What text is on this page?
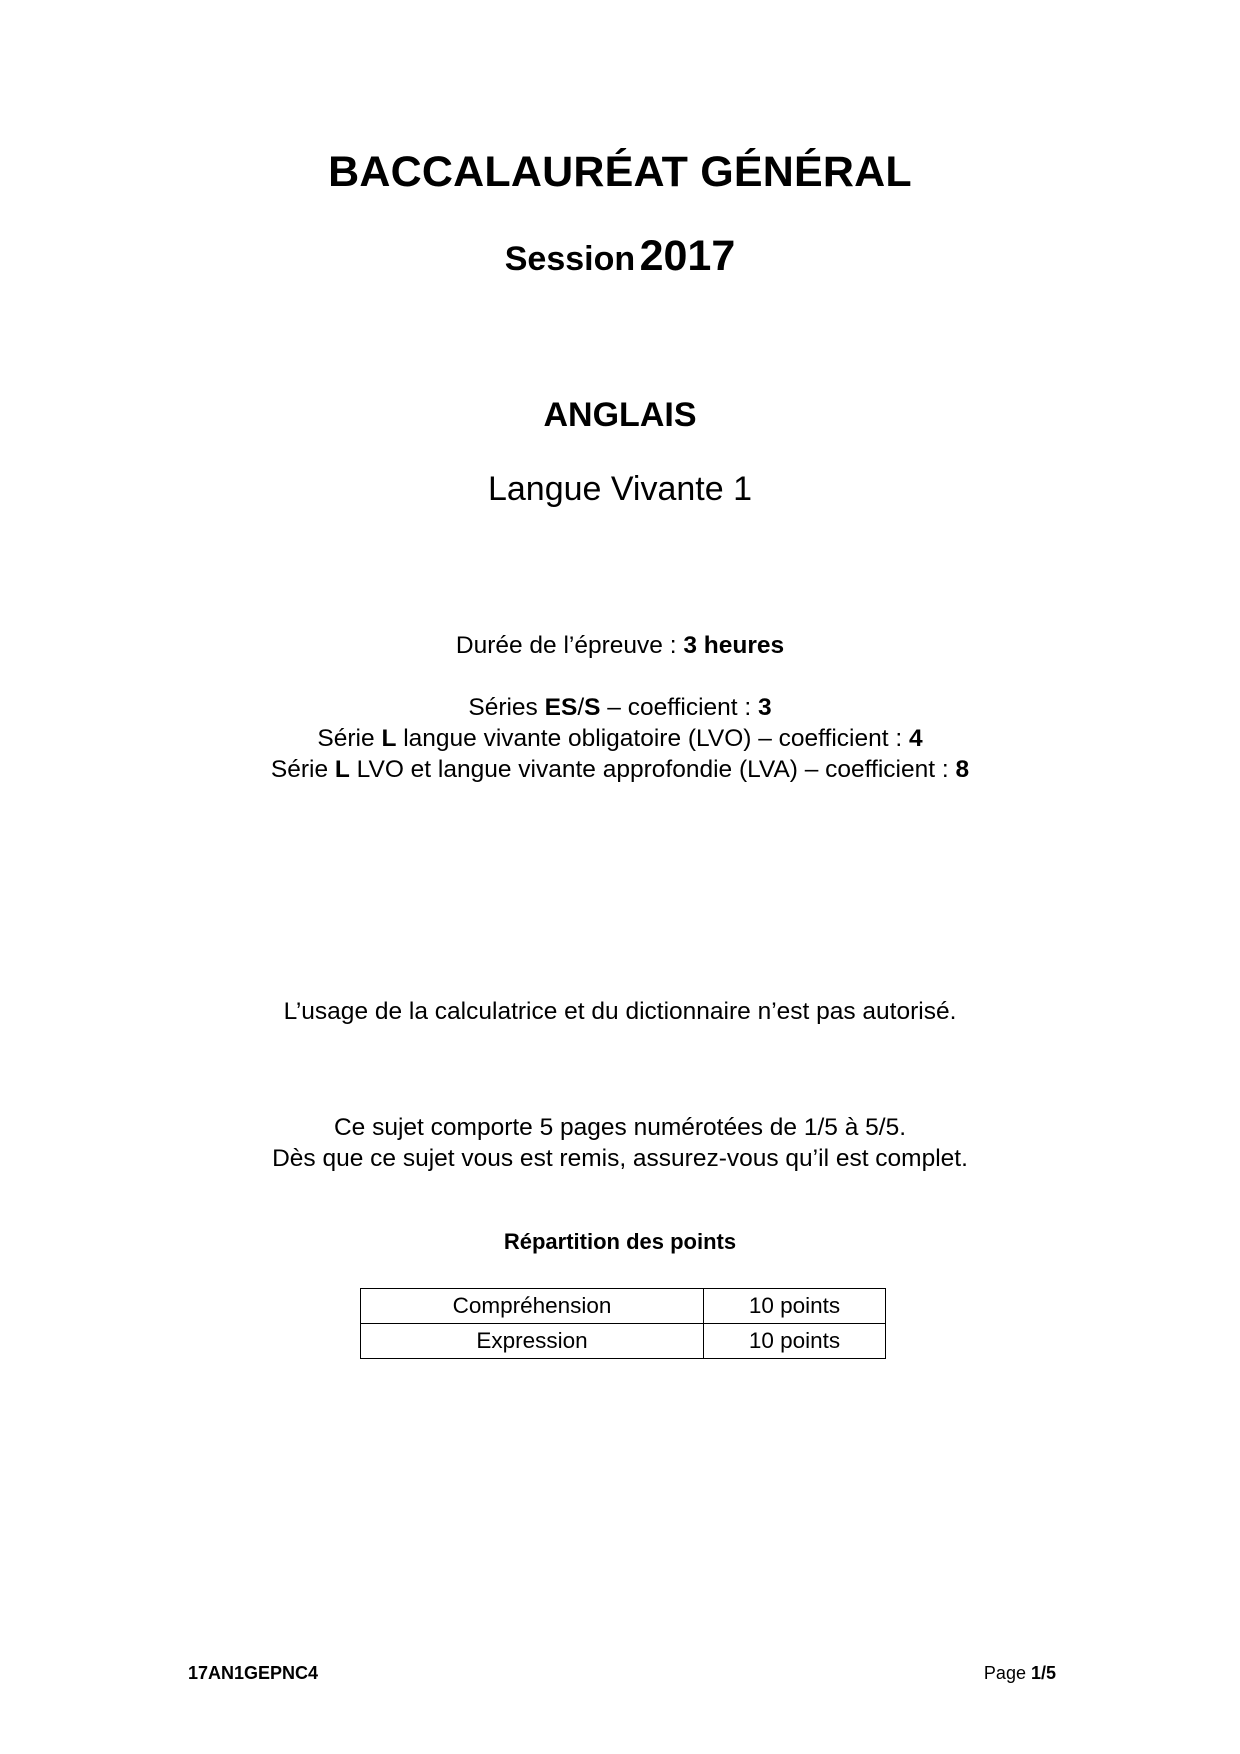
BACCALAURÉAT GÉNÉRAL
Session 2017
ANGLAIS
Langue Vivante 1
Durée de l’épreuve : 3 heures
Séries ES/S – coefficient : 3
Série L langue vivante obligatoire (LVO) – coefficient : 4
Série L LVO et langue vivante approfondie (LVA) – coefficient : 8
L’usage de la calculatrice et du dictionnaire n’est pas autorisé.
Ce sujet comporte 5 pages numérotées de 1/5 à 5/5.
Dès que ce sujet vous est remis, assurez-vous qu’il est complet.
Répartition des points
Compréhension	10 points
Expression	10 points
17AN1GEPNC4	Page 1/5
